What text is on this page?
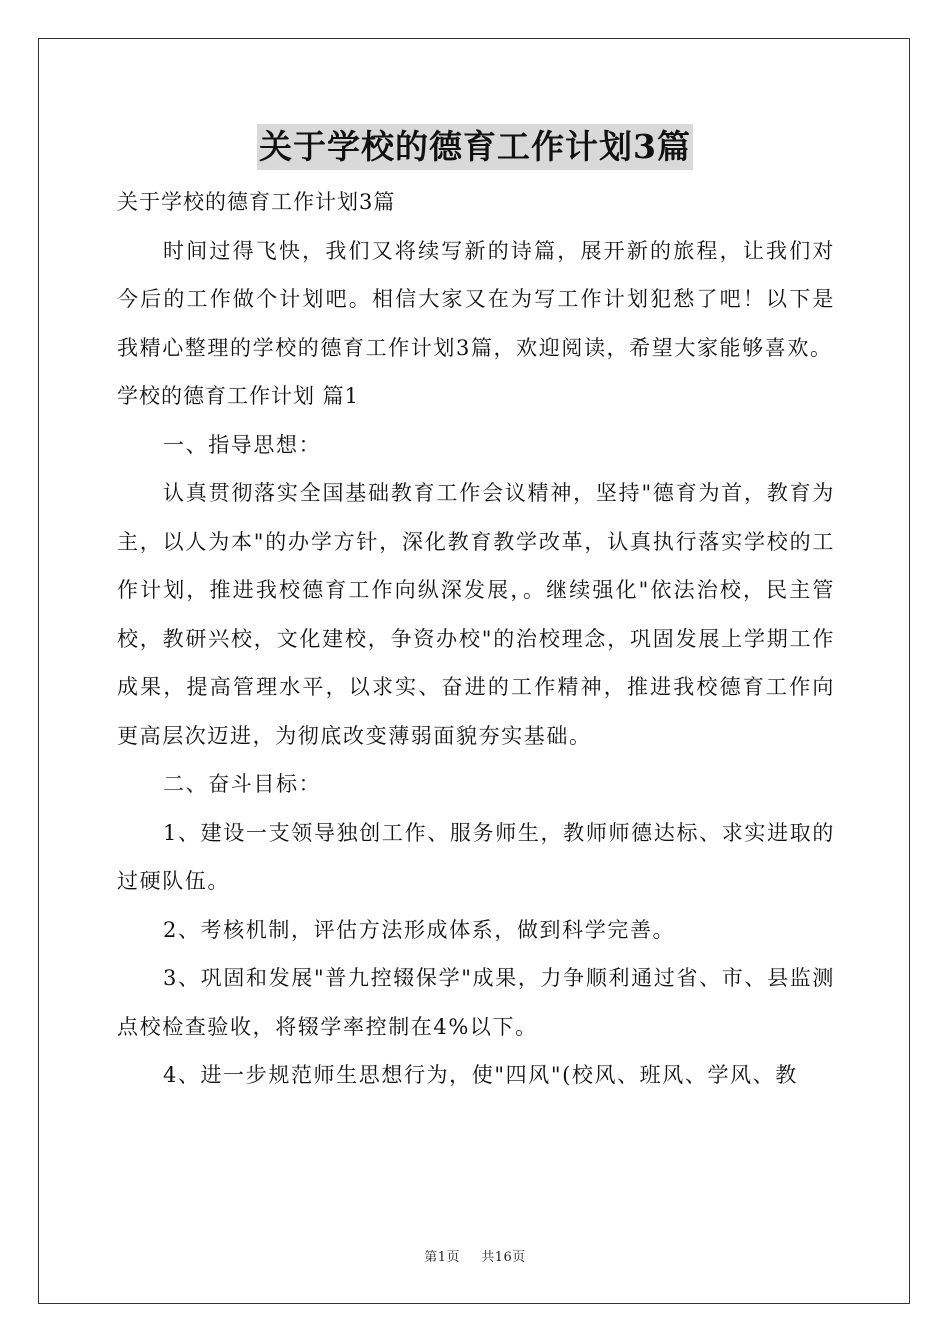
关于学校的德育工作计划3篇

关于学校的德育工作计划3篇

时间过得飞快，我们又将续写新的诗篇，展开新的旅程，让我们对今后的工作做个计划吧。相信大家又在为写工作计划犯愁了吧！以下是我精心整理的学校的德育工作计划3篇，欢迎阅读，希望大家能够喜欢。

学校的德育工作计划 篇1

一、指导思想：

认真贯彻落实全国基础教育工作会议精神，坚持"德育为首，教育为主，以人为本"的办学方针，深化教育教学改革，认真执行落实学校的工作计划，推进我校德育工作向纵深发展，。继续强化"依法治校，民主管校，教研兴校，文化建校，争资办校"的治校理念，巩固发展上学期工作成果，提高管理水平，以求实、奋进的工作精神，推进我校德育工作向更高层次迈进，为彻底改变薄弱面貌夯实基础。

二、奋斗目标：

1、建设一支领导独创工作、服务师生，教师师德达标、求实进取的过硬队伍。

2、考核机制，评估方法形成体系，做到科学完善。

3、巩固和发展"普九控辍保学"成果，力争顺利通过省、市、县监测点校检查验收，将辍学率控制在4%以下。

4、进一步规范师生思想行为，使"四风"(校风、班风、学风、教

第1页 共16页
